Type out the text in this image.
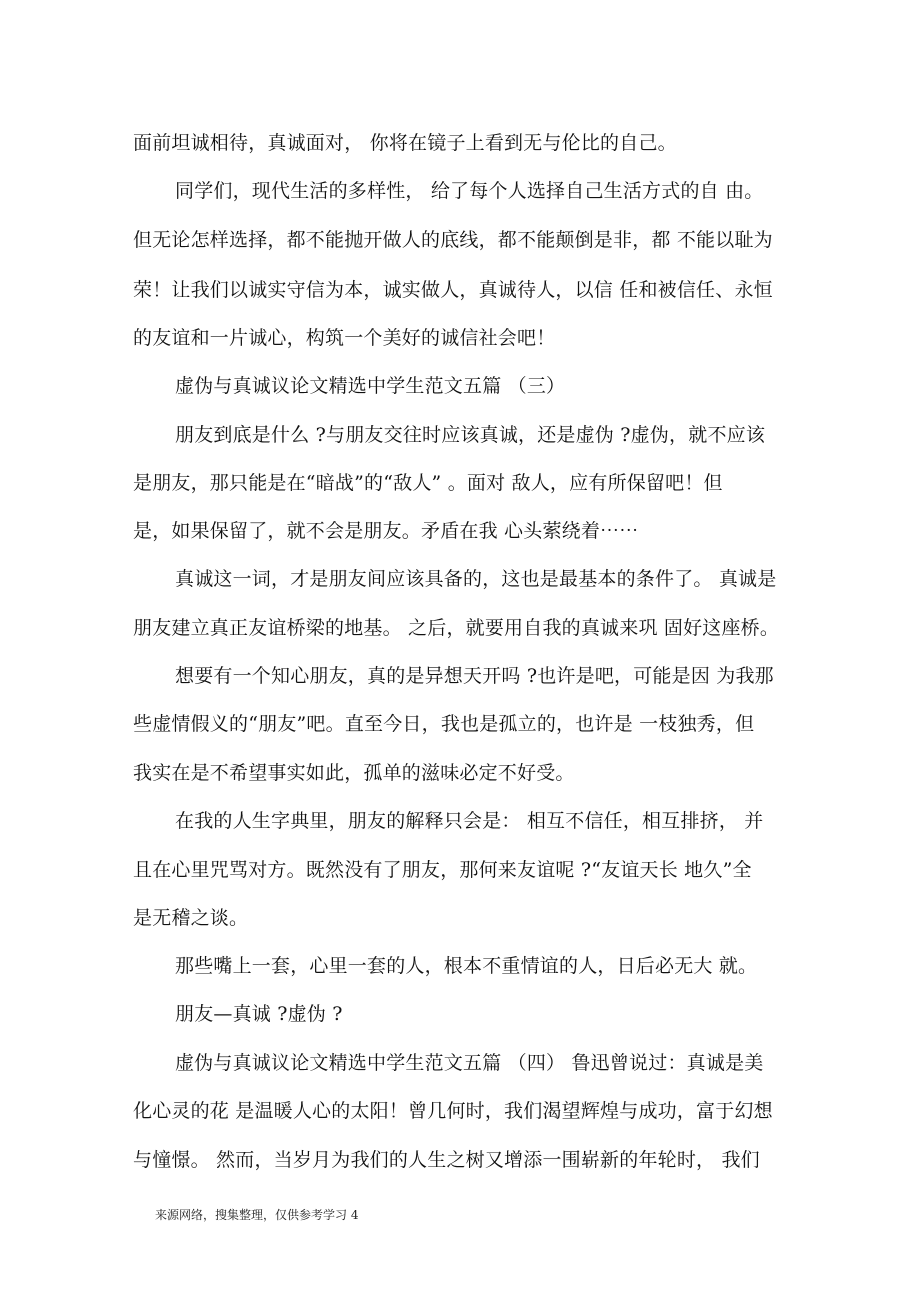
面前坦诚相待，真诚面对， 你将在镜子上看到无与伦比的自己。
同学们，现代生活的多样性， 给了每个人选择自己生活方式的自 由。
但无论怎样选择，都不能抛开做人的底线，都不能颠倒是非，都 不能以耻为
荣！让我们以诚实守信为本，诚实做人，真诚待人，以信 任和被信任、永恒
的友谊和一片诚心，构筑一个美好的诚信社会吧！
虚伪与真诚议论文精选中学生范文五篇 （三）
朋友到底是什么 ?与朋友交往时应该真诚，还是虚伪 ?虚伪，就不应该
是朋友，那只能是在“暗战”的“敌人” 。面对 敌人，应有所保留吧！但
是，如果保留了，就不会是朋友。矛盾在我 心头萦绕着⋯⋯
真诚这一词，才是朋友间应该具备的，这也是最基本的条件了。 真诚是
朋友建立真正友谊桥梁的地基。 之后，就要用自我的真诚来巩 固好这座桥。
想要有一个知心朋友，真的是异想天开吗 ?也许是吧，可能是因 为我那
些虚情假义的“朋友”吧。直至今日，我也是孤立的，也许是 一枝独秀，但
我实在是不希望事实如此，孤单的滋味必定不好受。
在我的人生字典里，朋友的解释只会是： 相互不信任，相互排挤， 并
且在心里咒骂对方。既然没有了朋友，那何来友谊呢 ?“友谊天长 地久”全
是无稽之谈。
那些嘴上一套，心里一套的人，根本不重情谊的人，日后必无大 就。
朋友—真诚 ?虚伪 ?
虚伪与真诚议论文精选中学生范文五篇 （四） 鲁迅曾说过：真诚是美
化心灵的花 是温暖人心的太阳！曾几何时，我们渴望辉煌与成功，富于幻想
与憧憬。 然而，当岁月为我们的人生之树又增添一围崭新的年轮时， 我们
来源网络，搜集整理，仅供参考学习 4
